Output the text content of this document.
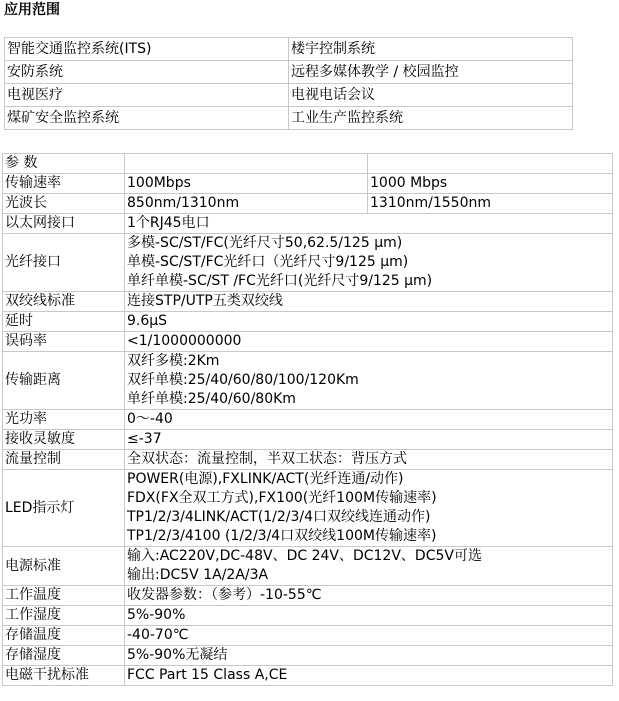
应用范围
智能交通监控系统(ITS)	楼宇控制系统
安防系统	远程多媒体教学 / 校园监控
电视医疗	电视电话会议
煤矿安全监控系统	工业生产监控系统
参 数		
传输速率	100Mbps	1000 Mbps
光波长	850nm/1310nm	1310nm/1550nm
以太网接口	1个RJ45电口	
光纤接口	多模-SC/ST/FC(光纤尺寸50,62.5/125 μm)
单模-SC/ST/FC光纤口（光纤尺寸9/125 μm)
单纤单模-SC/ST /FC光纤口(光纤尺寸9/125 μm)	

双绞线标准	连接STP/UTP五类双绞线	
延时	9.6μS	
误码率	<1/1000000000	
传输距离	双纤多模:2Km
双纤单模:25/40/60/80/100/120Km
单纤单模:25/40/60/80Km	

光功率	0～-40	
接收灵敏度	≤-37	
流量控制	全双状态：流量控制，半双工状态：背压方式	
LED指示灯	POWER(电源),FXLINK/ACT(光纤连通/动作)
FDX(FX全双工方式),FX100(光纤100M传输速率)
TP1/2/3/4LINK/ACT(1/2/3/4口双绞线连通动作)
TP1/2/3/4100 (1/2/3/4口双绞线100M传输速率)	

电源标准	输入:AC220V,DC-48V、DC 24V、DC12V、DC5V可选
输出:DC5V 1A/2A/3A	

工作温度	收发器参数：（参考）-10-55℃	
工作湿度	5%-90%	
存储温度	-40-70℃	
存储湿度	5%-90%无凝结	
电磁干扰标准	FCC Part 15 Class A,CE	
